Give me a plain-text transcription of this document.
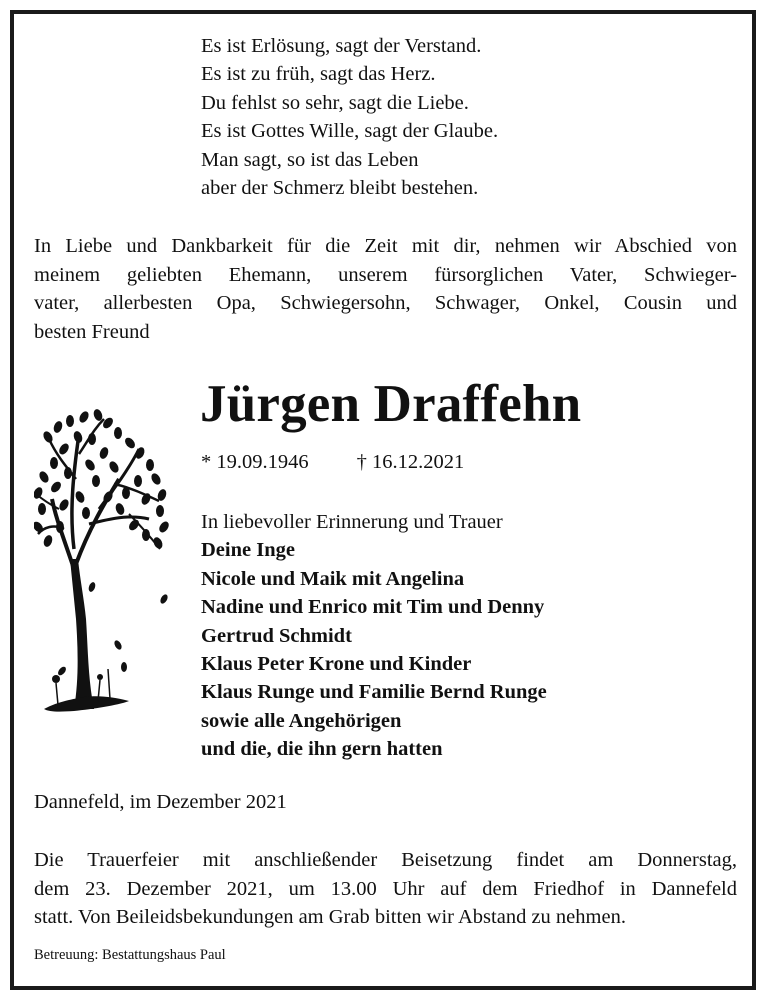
Es ist Erlösung, sagt der Verstand.
Es ist zu früh, sagt das Herz.
Du fehlst so sehr, sagt die Liebe.
Es ist Gottes Wille, sagt der Glaube.
Man sagt, so ist das Leben
aber der Schmerz bleibt bestehen.
In Liebe und Dankbarkeit für die Zeit mit dir, nehmen wir Abschied von
meinem geliebten Ehemann, unserem fürsorglichen Vater, Schwieger-
vater, allerbesten Opa, Schwiegersohn, Schwager, Onkel, Cousin und
besten Freund
Jürgen Draffehn
* 19.09.1946 † 16.12.2021
In liebevoller Erinnerung und Trauer
Deine Inge
Nicole und Maik mit Angelina
Nadine und Enrico mit Tim und Denny
Gertrud Schmidt
Klaus Peter Krone und Kinder
Klaus Runge und Familie Bernd Runge
sowie alle Angehörigen
und die, die ihn gern hatten
Dannefeld, im Dezember 2021
Die Trauerfeier mit anschließender Beisetzung findet am Donnerstag,
dem 23. Dezember 2021, um 13.00 Uhr auf dem Friedhof in Dannefeld
statt. Von Beileidsbekundungen am Grab bitten wir Abstand zu nehmen.
Betreuung: Bestattungshaus Paul
